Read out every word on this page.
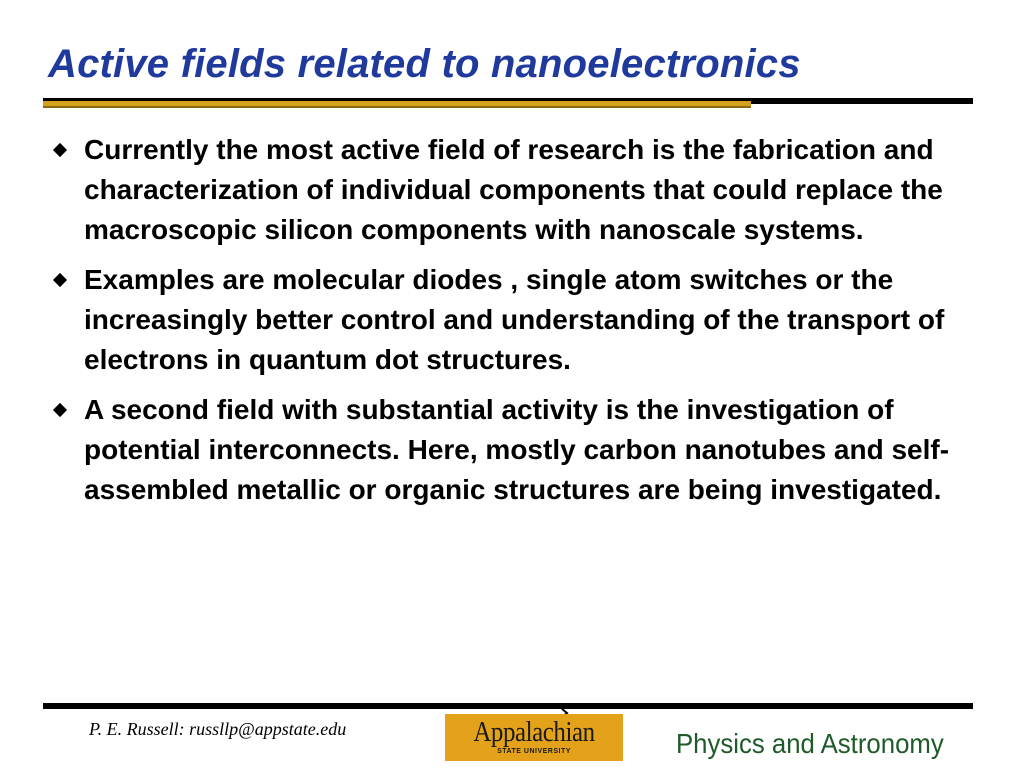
Active fields related to nanoelectronics
Currently the most active field of research is the fabrication and characterization of individual components that could replace the macroscopic silicon components with nanoscale systems.
Examples are molecular diodes , single atom switches or the increasingly better control and understanding of the transport of electrons in quantum dot structures.
A second field with substantial activity is the investigation of potential interconnects. Here, mostly carbon nanotubes and self-assembled metallic or organic structures are being investigated.
P. E. Russell: russllp@appstate.edu	Appalachian
STATE UNIVERSITY	Physics and Astronomy
